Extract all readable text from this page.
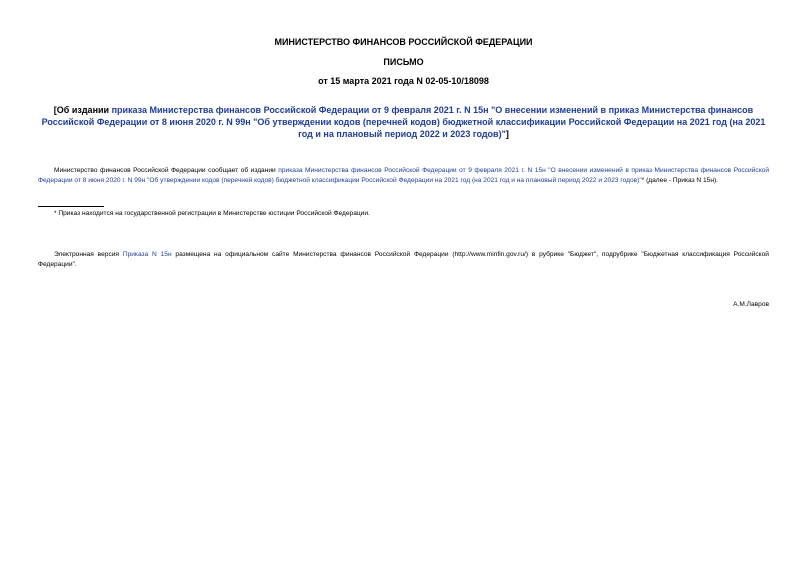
МИНИСТЕРСТВО ФИНАНСОВ РОССИЙСКОЙ ФЕДЕРАЦИИ
ПИСЬМО
от 15 марта 2021 года N 02-05-10/18098
[Об издании приказа Министерства финансов Российской Федерации от 9 февраля 2021 г. N 15н "О внесении изменений в приказ Министерства финансов Российской Федерации от 8 июня 2020 г. N 99н "Об утверждении кодов (перечней кодов) бюджетной классификации Российской Федерации на 2021 год (на 2021 год и на плановый период 2022 и 2023 годов)"]
Министерство финансов Российской Федерации сообщает об издании приказа Министерства финансов Российской Федерации от 9 февраля 2021 г. N 15н "О внесении изменений в приказ Министерства финансов Российской Федерации от 8 июня 2020 г. N 99н "Об утверждении кодов (перечней кодов) бюджетной классификации Российской Федерации на 2021 год (на 2021 год и на плановый период 2022 и 2023 годов)"* (далее - Приказ N 15н).
* Приказ находится на государственной регистрации в Министерстве юстиции Российской Федерации.
Электронная версия Приказа N 15н размещена на официальном сайте Министерства финансов Российской Федерации (http://www.minfin.gov.ru/) в рубрике "Бюджет", подрубрике "Бюджетная классификация Российской Федерации".
А.М.Лавров
